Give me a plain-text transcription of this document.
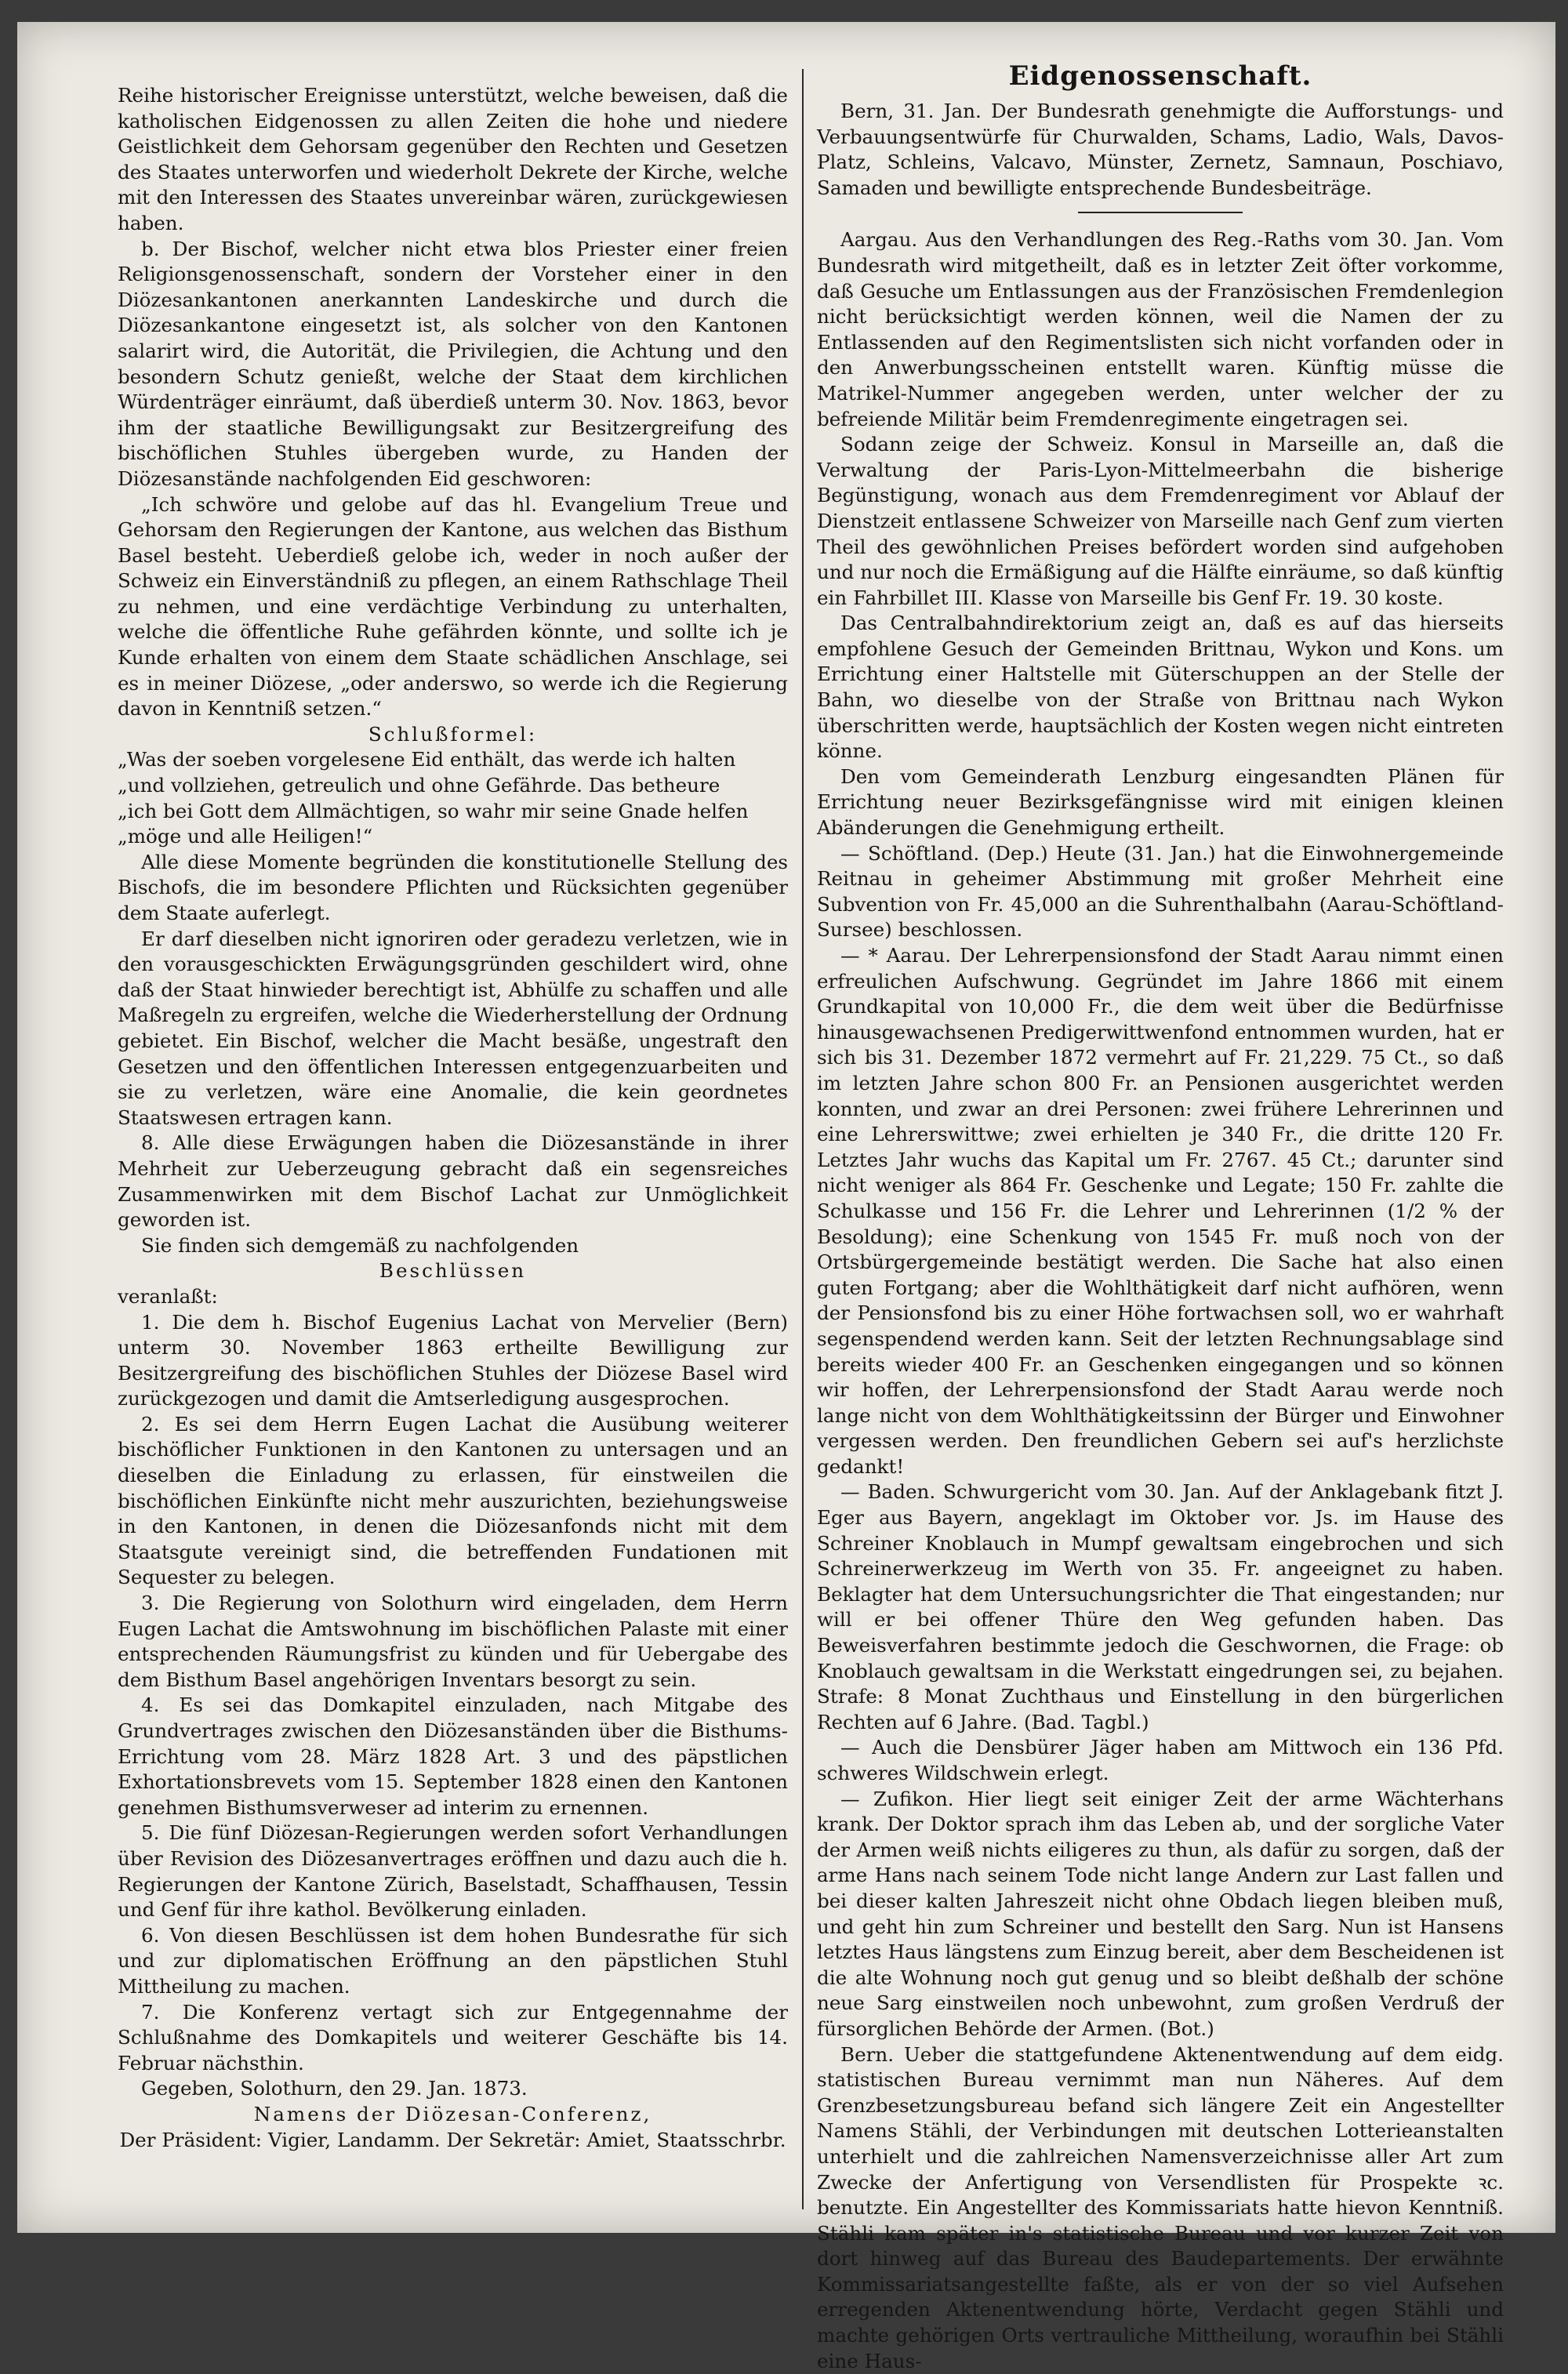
Reihe historischer Ereignisse unterstützt, welche beweisen, daß die katholischen Eidgenossen zu allen Zeiten die hohe und niedere Geistlichkeit dem Gehorsam gegenüber den Rechten und Gesetzen des Staates unterworfen und wiederholt Dekrete der Kirche, welche mit den Interessen des Staates unvereinbar wären, zurückgewiesen haben.

b. Der Bischof, welcher nicht etwa blos Priester einer freien Religionsgenossenschaft, sondern der Vorsteher einer in den Diözesankantonen anerkannten Landeskirche und durch die Diözesankantone eingesetzt ist, als solcher von den Kantonen salarirt wird, die Autorität, die Privilegien, die Achtung und den besondern Schutz genießt, welche der Staat dem kirchlichen Würdenträger einräumt, daß überdieß unterm 30. Nov. 1863, bevor ihm der staatliche Bewilligungsakt zur Besitzergreifung des bischöflichen Stuhles übergeben wurde, zu Handen der Diözesanstände nachfolgenden Eid geschworen:

„Ich schwöre und gelobe auf das hl. Evangelium Treue und Gehorsam den Regierungen der Kantone, aus welchen das Bisthum Basel besteht. Ueberdieß gelobe ich, weder in noch außer der Schweiz ein Einverständniß zu pflegen, an einem Rathschlage Theil zu nehmen, und eine verdächtige Verbindung zu unterhalten, welche die öffentliche Ruhe gefährden könnte, und sollte ich je Kunde erhalten von einem dem Staate schädlichen Anschlage, sei es in meiner Diözese, „oder anderswo, so werde ich die Regierung davon in Kenntniß setzen.“

Schlußformel:

„Was der soeben vorgelesene Eid enthält, das werde ich halten

„und vollziehen, getreulich und ohne Gefährde. Das betheure

„ich bei Gott dem Allmächtigen, so wahr mir seine Gnade helfen

„möge und alle Heiligen!“

Alle diese Momente begründen die konstitutionelle Stellung des Bischofs, die im besondere Pflichten und Rücksichten gegenüber dem Staate auferlegt.

Er darf dieselben nicht ignoriren oder geradezu verletzen, wie in den vorausgeschickten Erwägungsgründen geschildert wird, ohne daß der Staat hinwieder berechtigt ist, Abhülfe zu schaffen und alle Maßregeln zu ergreifen, welche die Wiederherstellung der Ordnung gebietet. Ein Bischof, welcher die Macht besäße, ungestraft den Gesetzen und den öffentlichen Interessen entgegenzuarbeiten und sie zu verletzen, wäre eine Anomalie, die kein geordnetes Staatswesen ertragen kann.

8. Alle diese Erwägungen haben die Diözesanstände in ihrer Mehrheit zur Ueberzeugung gebracht daß ein segensreiches Zusammenwirken mit dem Bischof Lachat zur Unmöglichkeit geworden ist.

Sie finden sich demgemäß zu nachfolgenden

Beschlüssen

veranlaßt:

1. Die dem h. Bischof Eugenius Lachat von Mervelier (Bern) unterm 30. November 1863 ertheilte Bewilligung zur Besitzergreifung des bischöflichen Stuhles der Diözese Basel wird zurückgezogen und damit die Amtserledigung ausgesprochen.

2. Es sei dem Herrn Eugen Lachat die Ausübung weiterer bischöflicher Funktionen in den Kantonen zu untersagen und an dieselben die Einladung zu erlassen, für einstweilen die bischöflichen Einkünfte nicht mehr auszurichten, beziehungsweise in den Kantonen, in denen die Diözesanfonds nicht mit dem Staatsgute vereinigt sind, die betreffenden Fundationen mit Sequester zu belegen.

3. Die Regierung von Solothurn wird eingeladen, dem Herrn Eugen Lachat die Amtswohnung im bischöflichen Palaste mit einer entsprechenden Räumungsfrist zu künden und für Uebergabe des dem Bisthum Basel angehörigen Inventars besorgt zu sein.

4. Es sei das Domkapitel einzuladen, nach Mitgabe des Grundvertrages zwischen den Diözesanständen über die Bisthums-Errichtung vom 28. März 1828 Art. 3 und des päpstlichen Exhortationsbrevets vom 15. September 1828 einen den Kantonen genehmen Bisthumsverweser ad interim zu ernennen.

5. Die fünf Diözesan-Regierungen werden sofort Verhandlungen über Revision des Diözesanvertrages eröffnen und dazu auch die h. Regierungen der Kantone Zürich, Baselstadt, Schaffhausen, Tessin und Genf für ihre kathol. Bevölkerung einladen.

6. Von diesen Beschlüssen ist dem hohen Bundesrathe für sich und zur diplomatischen Eröffnung an den päpstlichen Stuhl Mittheilung zu machen.

7. Die Konferenz vertagt sich zur Entgegennahme der Schlußnahme des Domkapitels und weiterer Geschäfte bis 14. Februar nächsthin.

Gegeben, Solothurn, den 29. Jan. 1873.

Namens der Diözesan-Conferenz,

Der Präsident: Vigier, Landamm. Der Sekretär: Amiet, Staatsschrbr.

Eidgenossenschaft.

Bern, 31. Jan. Der Bundesrath genehmigte die Aufforstungs- und Verbauungsentwürfe für Churwalden, Schams, Ladio, Wals, Davos-Platz, Schleins, Valcavo, Münster, Zernetz, Samnaun, Poschiavo, Samaden und bewilligte entsprechende Bundesbeiträge.

Aargau. Aus den Verhandlungen des Reg.-Raths vom 30. Jan. Vom Bundesrath wird mitgetheilt, daß es in letzter Zeit öfter vorkomme, daß Gesuche um Entlassungen aus der Französischen Fremdenlegion nicht berücksichtigt werden können, weil die Namen der zu Entlassenden auf den Regimentslisten sich nicht vorfanden oder in den Anwerbungsscheinen entstellt waren. Künftig müsse die Matrikel-Nummer angegeben werden, unter welcher der zu befreiende Militär beim Fremdenregimente eingetragen sei.

Sodann zeige der Schweiz. Konsul in Marseille an, daß die Verwaltung der Paris-Lyon-Mittelmeerbahn die bisherige Begünstigung, wonach aus dem Fremdenregiment vor Ablauf der Dienstzeit entlassene Schweizer von Marseille nach Genf zum vierten Theil des gewöhnlichen Preises befördert worden sind aufgehoben und nur noch die Ermäßigung auf die Hälfte einräume, so daß künftig ein Fahrbillet III. Klasse von Marseille bis Genf Fr. 19. 30 koste.

Das Centralbahndirektorium zeigt an, daß es auf das hierseits empfohlene Gesuch der Gemeinden Brittnau, Wykon und Kons. um Errichtung einer Haltstelle mit Güterschuppen an der Stelle der Bahn, wo dieselbe von der Straße von Brittnau nach Wykon überschritten werde, hauptsächlich der Kosten wegen nicht eintreten könne.

Den vom Gemeinderath Lenzburg eingesandten Plänen für Errichtung neuer Bezirksgefängnisse wird mit einigen kleinen Abänderungen die Genehmigung ertheilt.

— Schöftland. (Dep.) Heute (31. Jan.) hat die Einwohnergemeinde Reitnau in geheimer Abstimmung mit großer Mehrheit eine Subvention von Fr. 45,000 an die Suhrenthalbahn (Aarau-Schöftland-Sursee) beschlossen.

— * Aarau. Der Lehrerpensionsfond der Stadt Aarau nimmt einen erfreulichen Aufschwung. Gegründet im Jahre 1866 mit einem Grundkapital von 10,000 Fr., die dem weit über die Bedürfnisse hinausgewachsenen Predigerwittwenfond entnommen wurden, hat er sich bis 31. Dezember 1872 vermehrt auf Fr. 21,229. 75 Ct., so daß im letzten Jahre schon 800 Fr. an Pensionen ausgerichtet werden konnten, und zwar an drei Personen: zwei frühere Lehrerinnen und eine Lehrerswittwe; zwei erhielten je 340 Fr., die dritte 120 Fr. Letztes Jahr wuchs das Kapital um Fr. 2767. 45 Ct.; darunter sind nicht weniger als 864 Fr. Geschenke und Legate; 150 Fr. zahlte die Schulkasse und 156 Fr. die Lehrer und Lehrerinnen (1/2 % der Besoldung); eine Schenkung von 1545 Fr. muß noch von der Ortsbürgergemeinde bestätigt werden. Die Sache hat also einen guten Fortgang; aber die Wohlthätigkeit darf nicht aufhören, wenn der Pensionsfond bis zu einer Höhe fortwachsen soll, wo er wahrhaft segenspendend werden kann. Seit der letzten Rechnungsablage sind bereits wieder 400 Fr. an Geschenken eingegangen und so können wir hoffen, der Lehrerpensionsfond der Stadt Aarau werde noch lange nicht von dem Wohlthätigkeitssinn der Bürger und Einwohner vergessen werden. Den freundlichen Gebern sei auf's herzlichste gedankt!

— Baden. Schwurgericht vom 30. Jan. Auf der Anklagebank fitzt J. Eger aus Bayern, angeklagt im Oktober vor. Js. im Hause des Schreiner Knoblauch in Mumpf gewaltsam eingebrochen und sich Schreinerwerkzeug im Werth von 35. Fr. angeeignet zu haben. Beklagter hat dem Untersuchungsrichter die That eingestanden; nur will er bei offener Thüre den Weg gefunden haben. Das Beweisverfahren bestimmte jedoch die Geschwornen, die Frage: ob Knoblauch gewaltsam in die Werkstatt eingedrungen sei, zu bejahen. Strafe: 8 Monat Zuchthaus und Einstellung in den bürgerlichen Rechten auf 6 Jahre. (Bad. Tagbl.)

— Auch die Densbürer Jäger haben am Mittwoch ein 136 Pfd. schweres Wildschwein erlegt.

— Zufikon. Hier liegt seit einiger Zeit der arme Wächterhans krank. Der Doktor sprach ihm das Leben ab, und der sorgliche Vater der Armen weiß nichts eiligeres zu thun, als dafür zu sorgen, daß der arme Hans nach seinem Tode nicht lange Andern zur Last fallen und bei dieser kalten Jahreszeit nicht ohne Obdach liegen bleiben muß, und geht hin zum Schreiner und bestellt den Sarg. Nun ist Hansens letztes Haus längstens zum Einzug bereit, aber dem Bescheidenen ist die alte Wohnung noch gut genug und so bleibt deßhalb der schöne neue Sarg einstweilen noch unbewohnt, zum großen Verdruß der fürsorglichen Behörde der Armen. (Bot.)

Bern. Ueber die stattgefundene Aktenentwendung auf dem eidg. statistischen Bureau vernimmt man nun Näheres. Auf dem Grenzbesetzungsbureau befand sich längere Zeit ein Angestellter Namens Stähli, der Verbindungen mit deutschen Lotterieanstalten unterhielt und die zahlreichen Namensverzeichnisse aller Art zum Zwecke der Anfertigung von Versendlisten für Prospekte ꝛc. benutzte. Ein Angestellter des Kommissariats hatte hievon Kenntniß. Stähli kam später in's statistische Bureau und vor kurzer Zeit von dort hinweg auf das Bureau des Baudepartements. Der erwähnte Kommissariatsangestellte faßte, als er von der so viel Aufsehen erregenden Aktenentwendung hörte, Verdacht gegen Stähli und machte gehörigen Orts vertrauliche Mittheilung, woraufhin bei Stähli eine Haus-
